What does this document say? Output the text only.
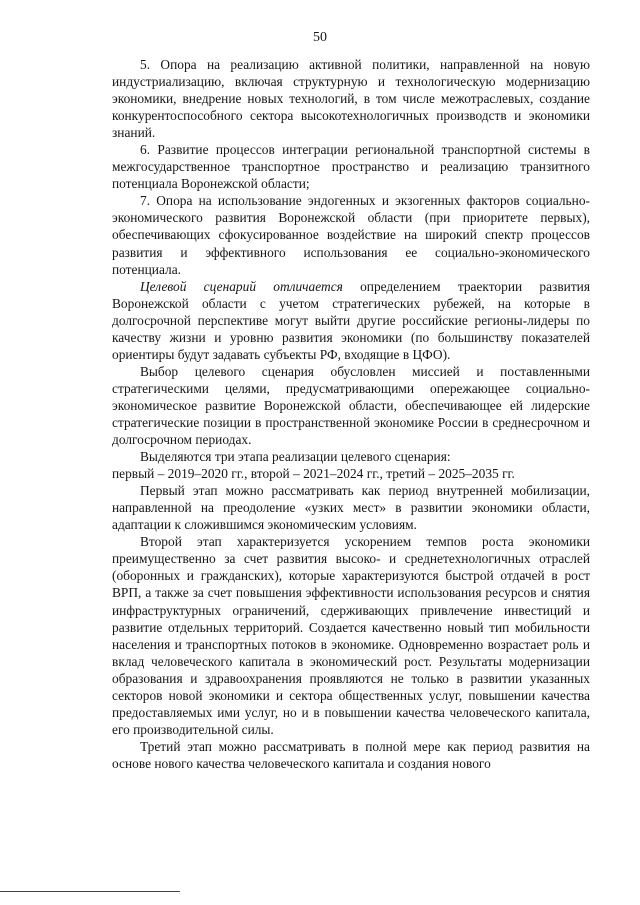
50

5. Опора на реализацию активной политики, направленной на новую индустриализацию, включая структурную и технологическую модернизацию экономики, внедрение новых технологий, в том числе межотраслевых, создание конкурентоспособного сектора высокотехнологичных производств и экономики знаний.

6. Развитие процессов интеграции региональной транспортной системы в межгосударственное транспортное пространство и реализацию транзитного потенциала Воронежской области;

7. Опора на использование эндогенных и экзогенных факторов социально-экономического развития Воронежской области (при приоритете первых), обеспечивающих сфокусированное воздействие на широкий спектр процессов развития и эффективного использования ее социально-экономического потенциала.

Целевой сценарий отличается определением траектории развития Воронежской области с учетом стратегических рубежей, на которые в долгосрочной перспективе могут выйти другие российские регионы-лидеры по качеству жизни и уровню развития экономики (по большинству показателей ориентиры будут задавать субъекты РФ, входящие в ЦФО).

Выбор целевого сценария обусловлен миссией и поставленными стратегическими целями, предусматривающими опережающее социально-экономическое развитие Воронежской области, обеспечивающее ей лидерские стратегические позиции в пространственной экономике России в среднесрочном и долгосрочном периодах.

Выделяются три этапа реализации целевого сценария:

первый – 2019–2020 гг., второй – 2021–2024 гг., третий – 2025–2035 гг.

Первый этап можно рассматривать как период внутренней мобилизации, направленной на преодоление «узких мест» в развитии экономики области, адаптации к сложившимся экономическим условиям.

Второй этап характеризуется ускорением темпов роста экономики преимущественно за счет развития высоко- и среднетехнологичных отраслей (оборонных и гражданских), которые характеризуются быстрой отдачей в рост ВРП, а также за счет повышения эффективности использования ресурсов и снятия инфраструктурных ограничений, сдерживающих привлечение инвестиций и развитие отдельных территорий. Создается качественно новый тип мобильности населения и транспортных потоков в экономике. Одновременно возрастает роль и вклад человеческого капитала в экономический рост. Результаты модернизации образования и здравоохранения проявляются не только в развитии указанных секторов новой экономики и сектора общественных услуг, повышении качества предоставляемых ими услуг, но и в повышении качества человеческого капитала, его производительной силы.

Третий этап можно рассматривать в полной мере как период развития на основе нового качества человеческого капитала и создания нового
